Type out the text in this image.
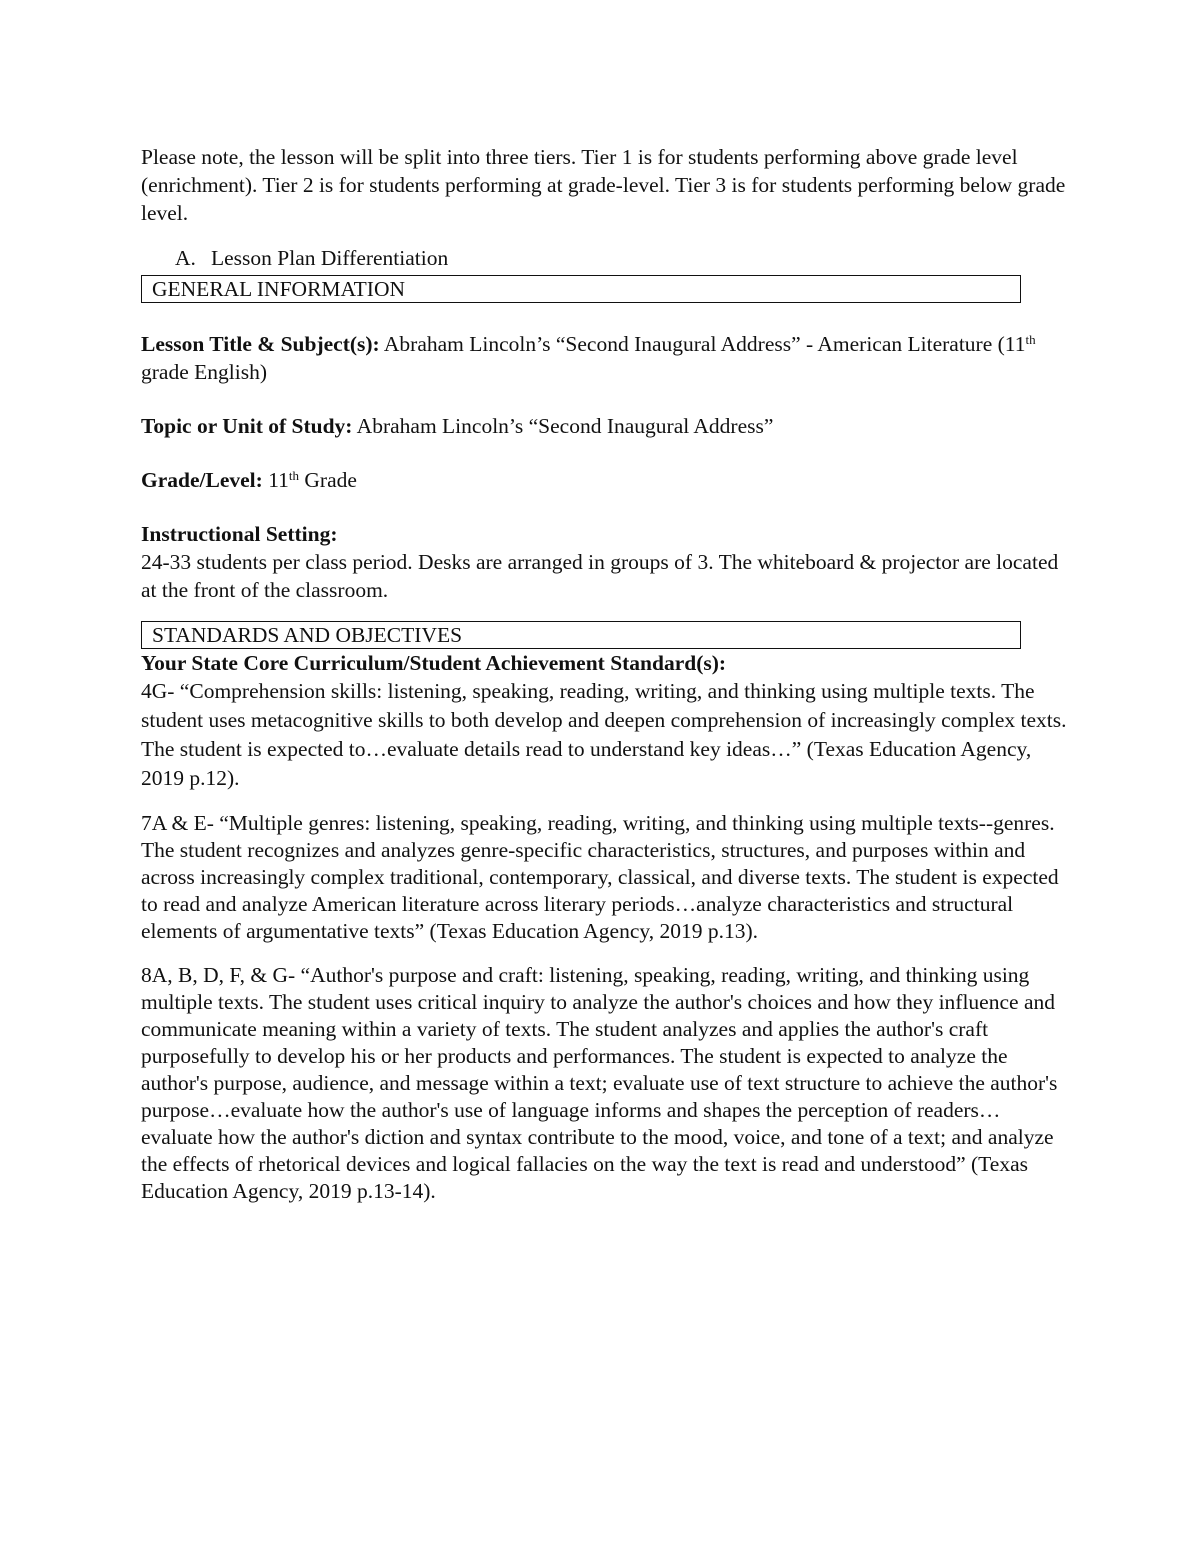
Please note, the lesson will be split into three tiers. Tier 1 is for students performing above grade level (enrichment). Tier 2 is for students performing at grade-level. Tier 3 is for students performing below grade level.

A. Lesson Plan Differentiation

GENERAL INFORMATION

Lesson Title & Subject(s): Abraham Lincoln’s “Second Inaugural Address” - American Literature (11th grade English)

Topic or Unit of Study: Abraham Lincoln’s “Second Inaugural Address”

Grade/Level: 11th Grade

Instructional Setting:

24-33 students per class period. Desks are arranged in groups of 3. The whiteboard & projector are located at the front of the classroom.

STANDARDS AND OBJECTIVES

Your State Core Curriculum/Student Achievement Standard(s):

4G- “Comprehension skills: listening, speaking, reading, writing, and thinking using multiple texts. The student uses metacognitive skills to both develop and deepen comprehension of increasingly complex texts. The student is expected to…evaluate details read to understand key ideas…” (Texas Education Agency, 2019 p.12).

7A & E- “Multiple genres: listening, speaking, reading, writing, and thinking using multiple texts--genres. The student recognizes and analyzes genre-specific characteristics, structures, and purposes within and across increasingly complex traditional, contemporary, classical, and diverse texts. The student is expected to read and analyze American literature across literary periods…analyze characteristics and structural elements of argumentative texts” (Texas Education Agency, 2019 p.13).

8A, B, D, F, & G- “Author's purpose and craft: listening, speaking, reading, writing, and thinking using multiple texts. The student uses critical inquiry to analyze the author's choices and how they influence and communicate meaning within a variety of texts. The student analyzes and applies the author's craft purposefully to develop his or her products and performances. The student is expected to analyze the author's purpose, audience, and message within a text; evaluate use of text structure to achieve the author's purpose…evaluate how the author's use of language informs and shapes the perception of readers…evaluate how the author's diction and syntax contribute to the mood, voice, and tone of a text; and analyze the effects of rhetorical devices and logical fallacies on the way the text is read and understood” (Texas Education Agency, 2019 p.13-14).
